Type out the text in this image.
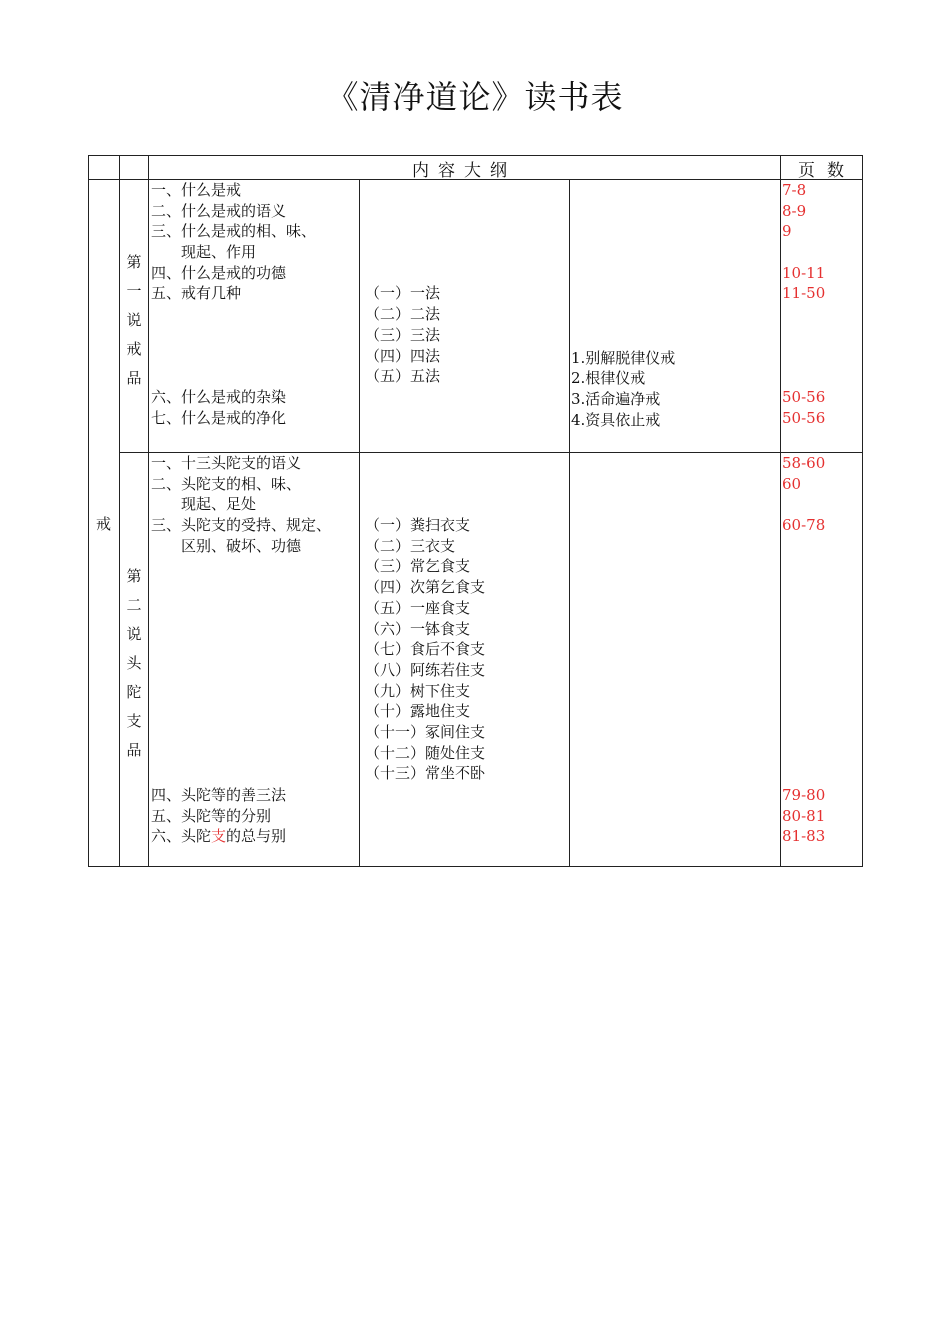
《清净道论》读书表
内容大纲	页数
戒
第
一
说
戒
品
一、什么是戒
二、什么是戒的语义
三、什么是戒的相、味、
　　现起、作用
四、什么是戒的功德
五、戒有几种
六、什么是戒的杂染
七、什么是戒的净化
（一）一法
（二）二法
（三）三法
（四）四法
（五）五法
1.别解脱律仪戒
2.根律仪戒
3.活命遍净戒
4.资具依止戒
7-8
8-9
9
10-11
11-50
50-56
50-56
第
二
说
头
陀
支
品
一、十三头陀支的语义
二、头陀支的相、味、
　　现起、足处
三、头陀支的受持、规定、
　　区别、破坏、功德
四、头陀等的善三法
五、头陀等的分别
六、头陀支的总与别
（一）粪扫衣支
（二）三衣支
（三）常乞食支
（四）次第乞食支
（五）一座食支
（六）一钵食支
（七）食后不食支
（八）阿练若住支
（九）树下住支
（十）露地住支
（十一）冢间住支
（十二）随处住支
（十三）常坐不卧
58-60
60
60-78
79-80
80-81
81-83
